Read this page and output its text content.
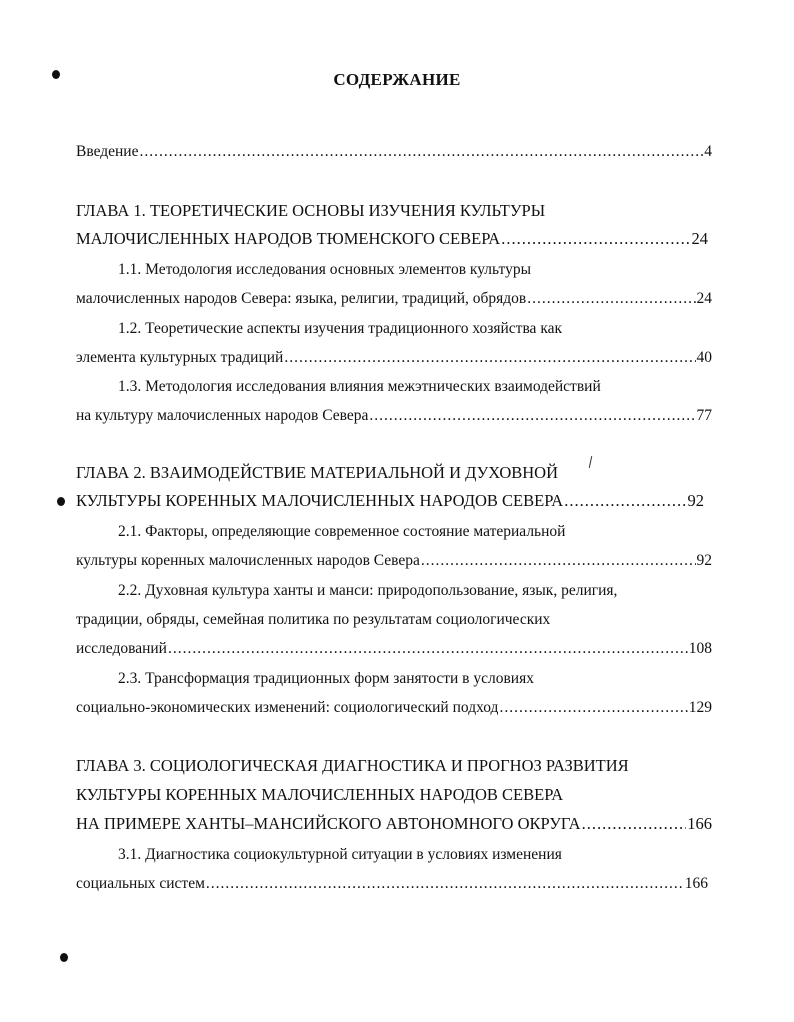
СОДЕРЖАНИЕ
Введение .....	4
ГЛАВА 1. ТЕОРЕТИЧЕСКИЕ ОСНОВЫ ИЗУЧЕНИЯ КУЛЬТУРЫ
МАЛОЧИСЛЕННЫХ НАРОДОВ ТЮМЕНСКОГО СЕВЕРА .....	24
1.1. Методология исследования основных элементов культуры
малочисленных народов Севера: языка, религии, традиций, обрядов .....	24
1.2. Теоретические аспекты изучения традиционного хозяйства как
элемента культурных традиций .....	40
1.3. Методология исследования влияния межэтнических взаимодействий
на культуру малочисленных народов Севера .....	77
ГЛАВА 2. ВЗАИМОДЕЙСТВИЕ МАТЕРИАЛЬНОЙ И ДУХОВНОЙ
КУЛЬТУРЫ КОРЕННЫХ МАЛОЧИСЛЕННЫХ НАРОДОВ СЕВЕРА .....	92
2.1. Факторы, определяющие современное состояние материальной
культуры коренных малочисленных народов Севера .....	92
2.2. Духовная культура ханты и манси: природопользование, язык, религия,
традиции, обряды, семейная политика по результатам социологических
исследований .....	108
2.3. Трансформация традиционных форм занятости в условиях
социально-экономических изменений: социологический подход .....	129
ГЛАВА 3. СОЦИОЛОГИЧЕСКАЯ ДИАГНОСТИКА И ПРОГНОЗ РАЗВИТИЯ
КУЛЬТУРЫ КОРЕННЫХ МАЛОЧИСЛЕННЫХ НАРОДОВ СЕВЕРА
НА ПРИМЕРЕ ХАНТЫ–МАНСИЙСКОГО АВТОНОМНОГО ОКРУГА .....	166
3.1. Диагностика социокультурной ситуации в условиях изменения
социальных систем .....	166
